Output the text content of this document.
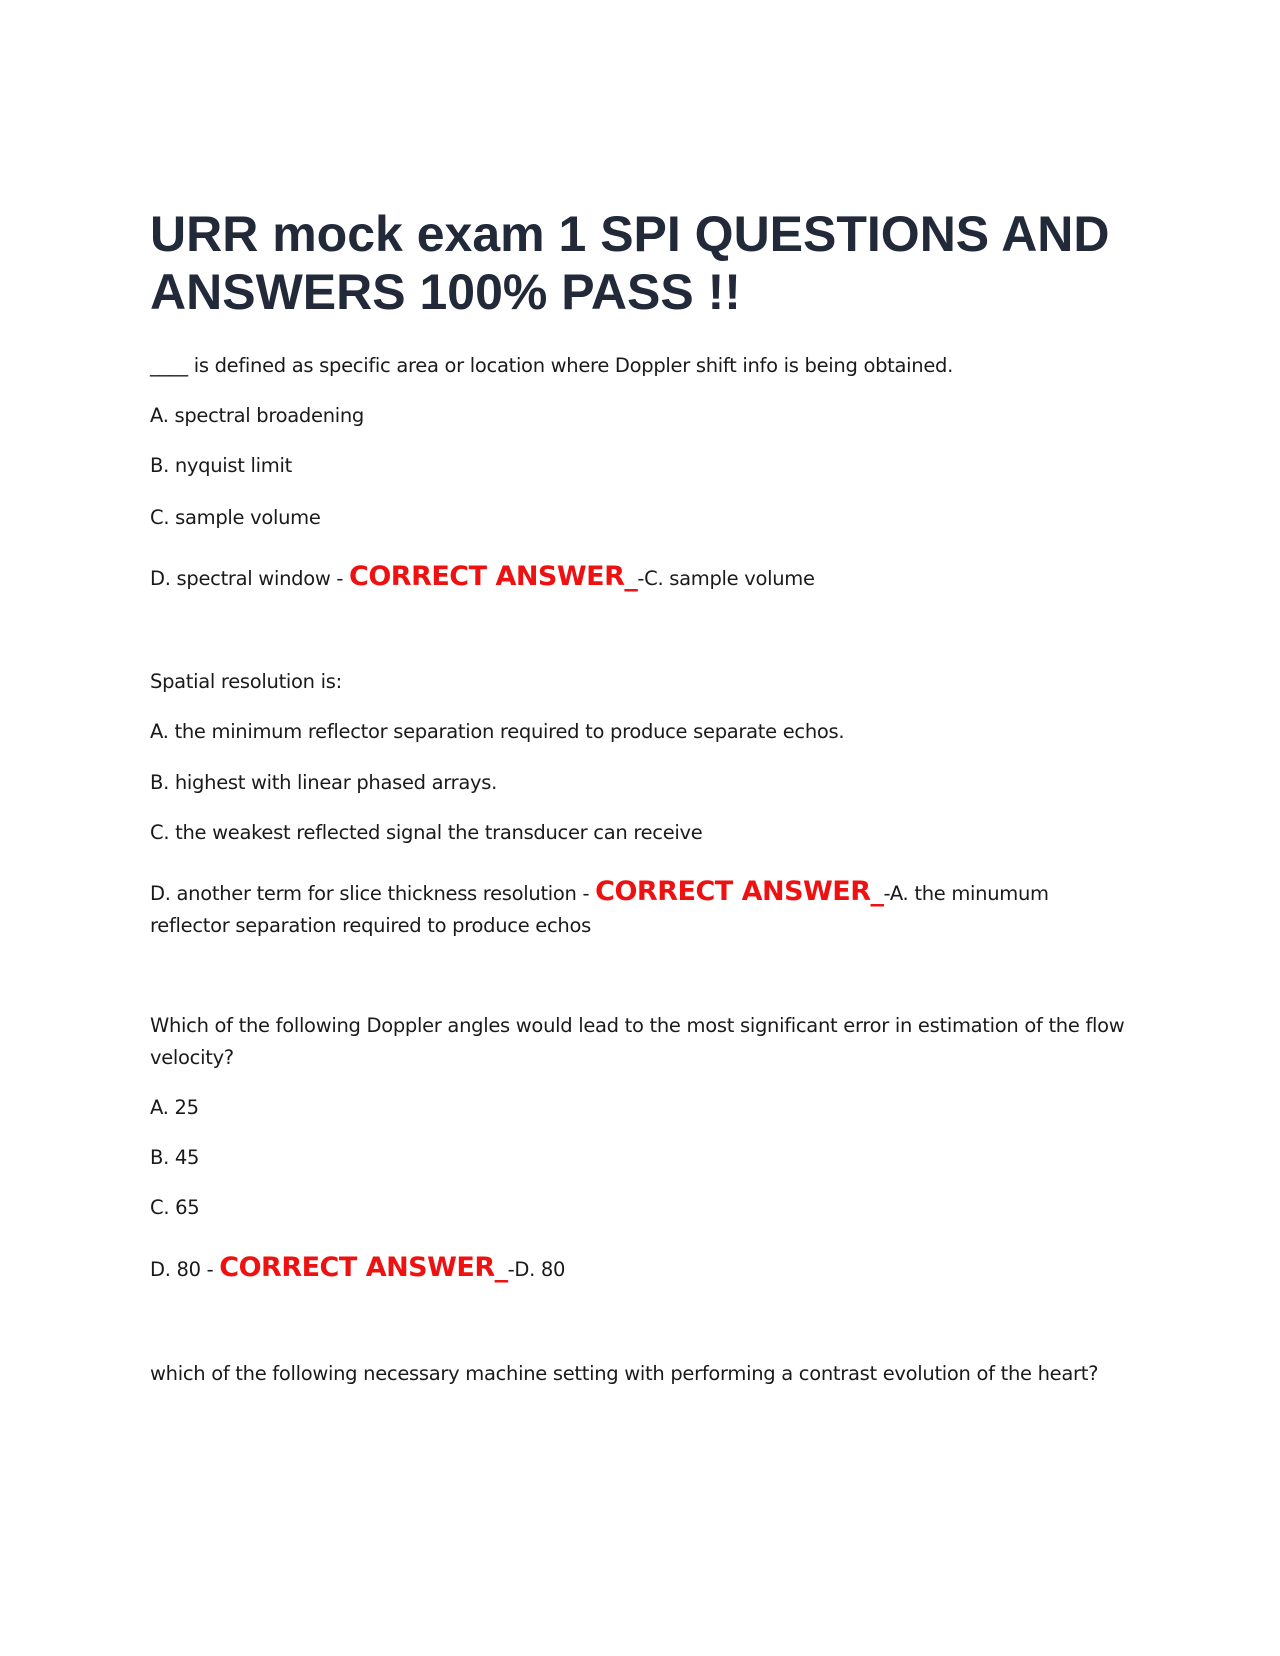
URR mock exam 1 SPI QUESTIONS AND ANSWERS 100% PASS !!

____ is defined as specific area or location where Doppler shift info is being obtained.

A. spectral broadening

B. nyquist limit

C. sample volume

D. spectral window - CORRECT ANSWER_-C. sample volume

Spatial resolution is:

A. the minimum reflector separation required to produce separate echos.

B. highest with linear phased arrays.

C. the weakest reflected signal the transducer can receive

D. another term for slice thickness resolution - CORRECT ANSWER_-A. the minumum reflector separation required to produce echos

Which of the following Doppler angles would lead to the most significant error in estimation of the flow velocity?

A. 25

B. 45

C. 65

D. 80 - CORRECT ANSWER_-D. 80

which of the following necessary machine setting with performing a contrast evolution of the heart?
